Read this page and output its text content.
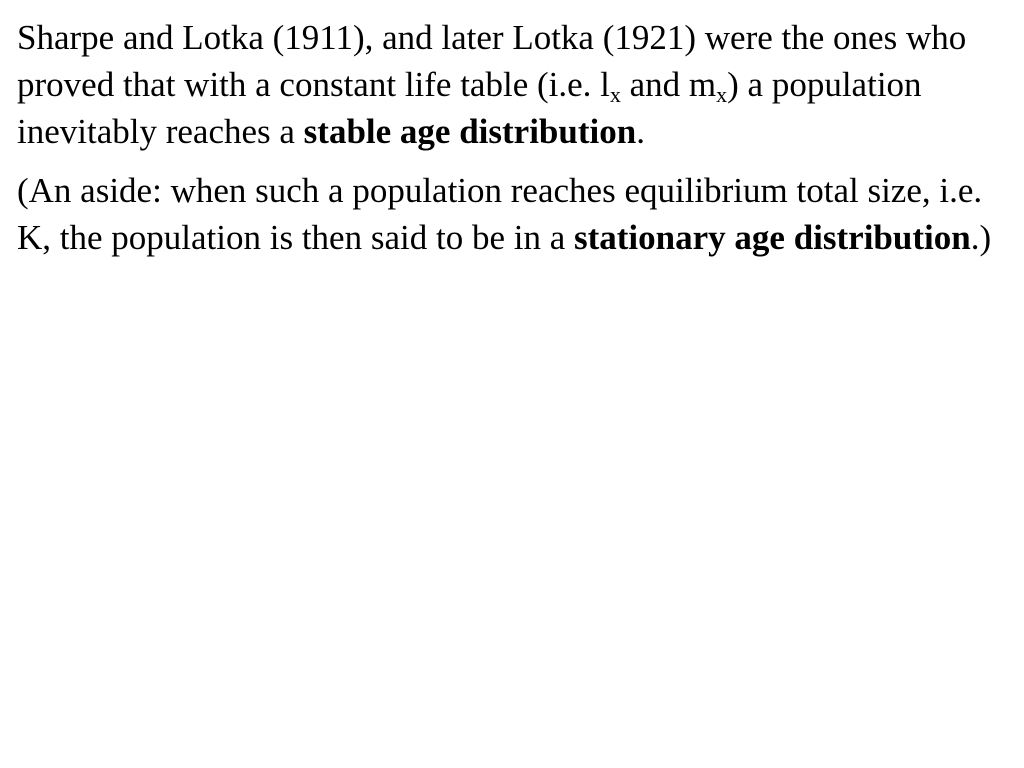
Sharpe and Lotka (1911), and later Lotka (1921) were the ones who proved that with a constant life table (i.e. $l_x$ and $m_x$) a population inevitably reaches a stable age distribution.

(An aside: when such a population reaches equilibrium total size, i.e. K, the population is then said to be in a stationary age distribution.)
